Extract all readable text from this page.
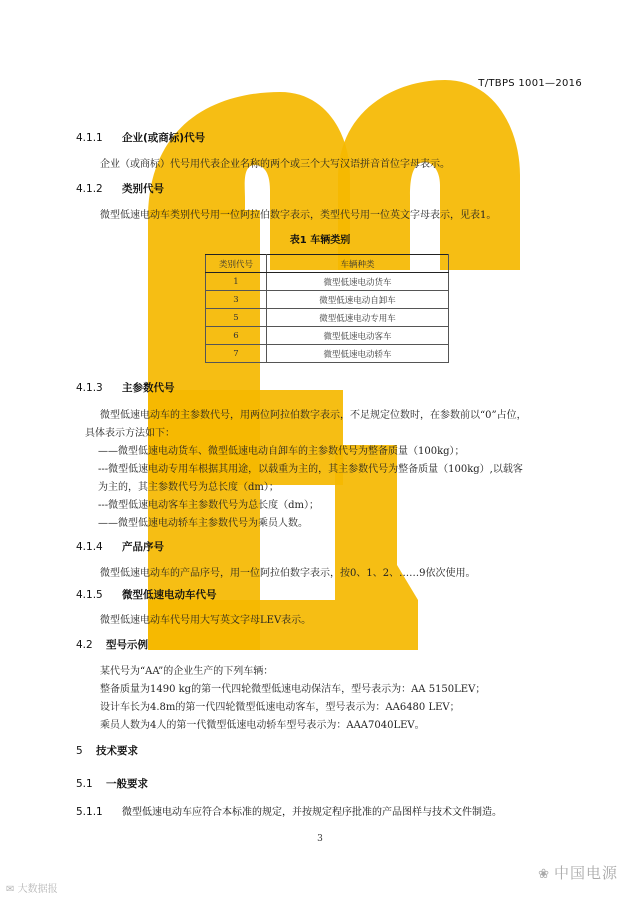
T/TBPS 1001—2016
4.1.1 企业(或商标)代号
企业（或商标）代号用代表企业名称的两个或三个大写汉语拼音首位字母表示。
4.1.2 类别代号
微型低速电动车类别代号用一位阿拉伯数字表示，类型代号用一位英文字母表示，见表1。
表1 车辆类别
类别代号	车辆种类
1	微型低速电动货车
3	微型低速电动自卸车
5	微型低速电动专用车
6	微型低速电动客车
7	微型低速电动轿车
4.1.3 主参数代号
微型低速电动车的主参数代号，用两位阿拉伯数字表示，不足规定位数时，在参数前以“0”占位，
具体表示方法如下：
——微型低速电动货车、微型低速电动自卸车的主参数代号为整备质量（100kg）；
---微型低速电动专用车根据其用途，以载重为主的，其主参数代号为整备质量（100kg）,以载客
为主的，其主参数代号为总长度（dm）；
---微型低速电动客车主参数代号为总长度（dm）；
——微型低速电动轿车主参数代号为乘员人数。
4.1.4 产品序号
微型低速电动车的产品序号，用一位阿拉伯数字表示，按0、1、2、……9依次使用。
4.1.5 微型低速电动车代号
微型低速电动车代号用大写英文字母LEV表示。
4.2 型号示例
某代号为“AA”的企业生产的下列车辆：
整备质量为1490 kg的第一代四轮微型低速电动保洁车，型号表示为：AA 5150LEV；
设计车长为4.8m的第一代四轮微型低速电动客车，型号表示为：AA6480 LEV；
乘员人数为4人的第一代微型低速电动轿车型号表示为：AAA7040LEV。
5 技术要求
5.1 一般要求
5.1.1 微型低速电动车应符合本标准的规定，并按规定程序批准的产品图样与技术文件制造。
3
❀ 中国电源
✉ 大数据报
